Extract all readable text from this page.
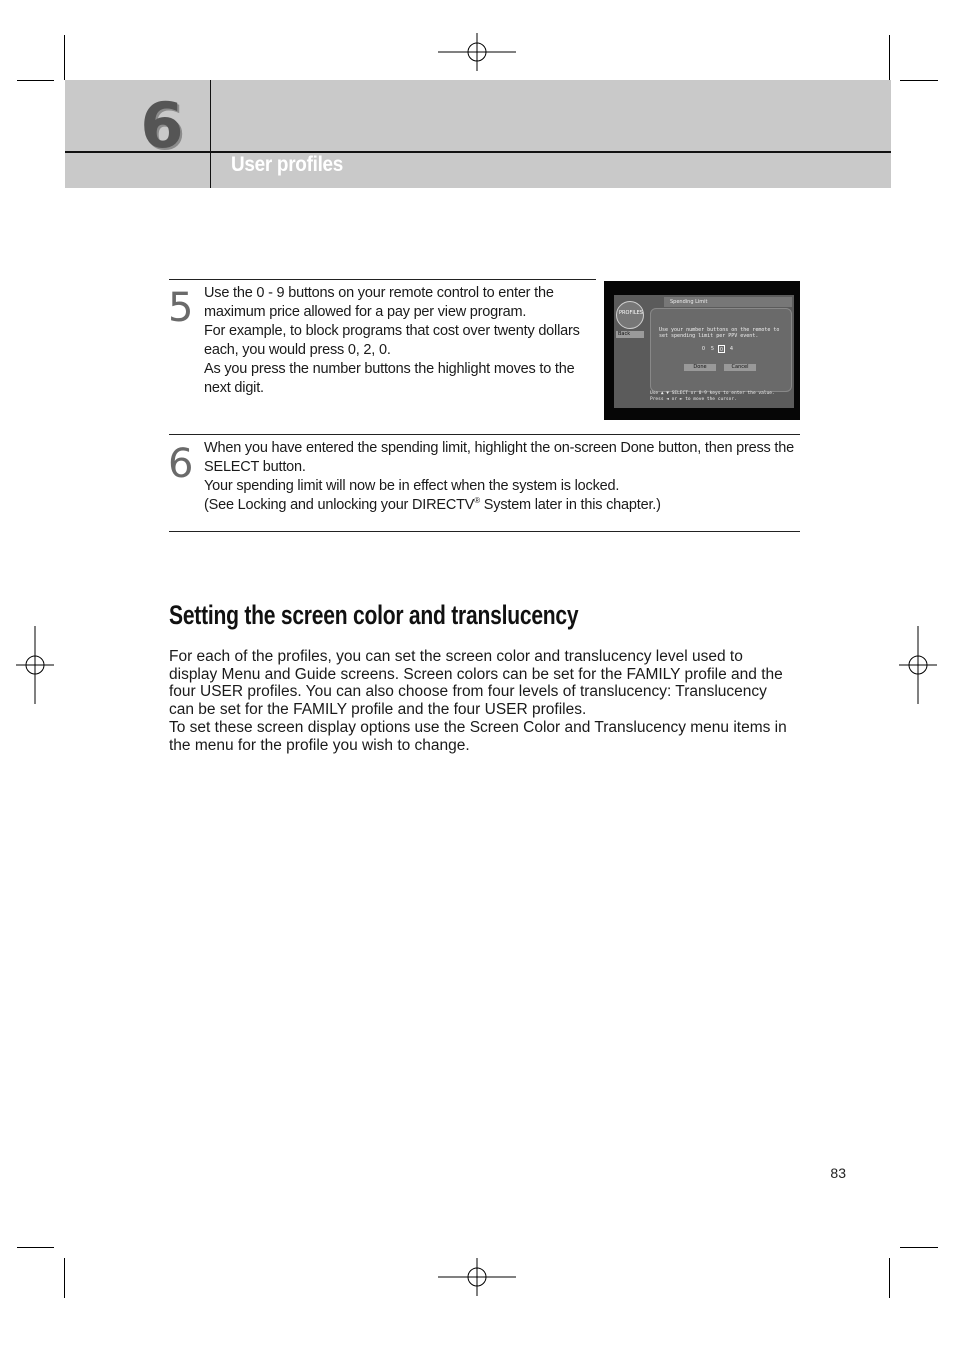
6
User profiles
5 Use the 0 - 9 buttons on your remote control to enter the maximum price allowed for a pay per view program.

For example, to block programs that cost over twenty dollars each, you would press 0, 2, 0.

As you press the number buttons the highlight moves to the next digit.

PROFILES
Spending Limit
Back
Use your number buttons on the remote to set spending limit per PPV event.
0	5	0	4
Done	Cancel
Use ▲ ▼ SELECT or 0-9 keys to enter the value. Press ◄ or ► to move the cursor.
6 When you have entered the spending limit, highlight the on-screen Done button, then press the SELECT button.

Your spending limit will now be in effect when the system is locked.

(See Locking and unlocking your DIRECTV® System later in this chapter.)

Setting the screen color and translucency

For each of the profiles, you can set the screen color and translucency level used to display Menu and Guide screens. Screen colors can be set for the FAMILY profile and the four USER profiles. You can also choose from four levels of translucency: Translucency can be set for the FAMILY profile and the four USER profiles.

To set these screen display options use the Screen Color and Translucency menu items in the menu for the profile you wish to change.

83
